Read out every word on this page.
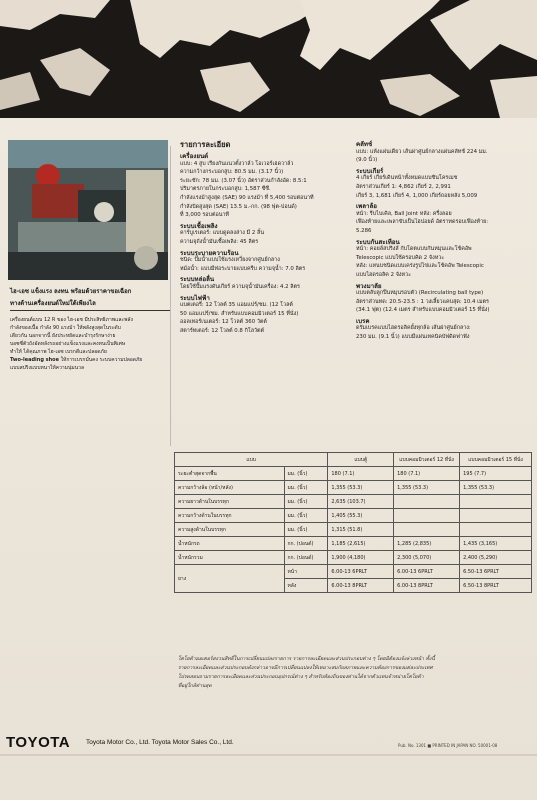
ไฮ-เอซ แข็งแรง ลงทน พร้อมด้วยราคาขอเฉือก
ทางด้านเครื่องยนต์ใหม่ใด้เพียงไล
เครื่องยนต์แบบ 12 R ของ ไฮ-เอช มีประสิทธิภาพและพลัง
กำลังของเนื้อ กำลัง 90 แรงม้า ให้พลังสูงสุดในระดับ
เดียวกัน นอกจากนี้ ยังประหยัดและบำรุงรักษาง่าย
บอซซี่ตัวถังอัดหลังรถอย่างแข็งแรงและคงทนเป็นพิเศษ
ทำให้ ได้คุณภาพ ไฮ-เอซ เบรกดีและปลอดภัย
Two-leading shoe ให้การเบรกมั่นคง ระบบความปลอดภัย
แบบสปริงแบบหนาให้ความนุ่มนวล
รายการละเอียด
เครื่องยนต์

แบบ: 4 สูบ เรียงกันแนวตั้งวาล์ว โอเวอร์เฮดวาล์ว

ความกว้างกระบอกสูบ: 80.5 มม. (3.17 นิ้ว)

ระยะชัก: 78 มม. (3.07 นิ้ว) อัตราส่วนกำลังอัด: 8.5:1

ปริมาตรภายในกระบอกสูบ: 1,587 ซีซี.

กำลังแรงม้าสูงสุด (SAE) 90 แรงม้า ที่ 5,400 รอบต่อนาที

กำลังบิดสูงสุด (SAE) 13.5 ม.-กก. (98 ฟุต-ปอนด์)

ที่ 3,000 รอบต่อนาที

ระบบเชื้อเพลิง

คาร์บูเรเตอร์: แบบดูดลงล่าง มี 2 ลิ้น

ความจุถังน้ำมันเชื้อเพลิง: 45 ลิตร

ระบบระบายความร้อน

ชนิด: ปั๊มน้ำแบบใช้แรงเหวี่ยงจากศูนย์กลาง

หม้อน้ำ: แบบมีท่อระบายแบบครีบ ความจุน้ำ: 7.0 ลิตร

ระบบหล่อลื่น

โดยใช้ปั๊มแรงดันเกียร์ ความจุน้ำมันเครื่อง: 4.2 ลิตร

ระบบไฟฟ้า

แบตเตอรี่: 12 โวลต์ 35 แอมแปร์/ชม. (12 โวลต์

50 แอมแปร์/ชม. สำหรับแบบคอมมิวเตอร์ 15 ที่นั่ง)

ออลเทอร์เนเตอร์: 12 โวลต์ 360 วัตต์

สตาร์ทเตอร์: 12 โวลต์ 0.8 กิโลวัตต์

คลัทช์

แบบ: แห้งแผ่นเดียว เส้นผ่าศูนย์กลางแผ่นคลัทช์ 224 มม.

(9.0 นิ้ว)

ระบบเกียร์

4 เกียร์ เกียร์เดินหน้าทั้งหมดแบบซินโครเมช

อัตราส่วนเกียร์ 1: 4,862 เกียร์ 2, 2,991

เกียร์ 3, 1,681 เกียร์ 4, 1,000 เกียร์ถอยหลัง 5,009

เพลาล้อ

หน้า: รีบไบเคิล, Ball Joint หลัง: ครึ่งลอย

เฟืองท้ายและเพลาขับเป็นไฮปอยด์ อัตราทดรอบเฟืองท้าย:

5.286

ระบบกันสะเทือน

หน้า: คอยล์สปริงส์ กับโดตแบบกันหมุนและโช้คอัพ

Telescopic แบบใช้ครอบคิด 2 จังหวะ

หลัง: แหนบชนิดแบบเคร่งรูปไข่และโช้คอัพ Telescopic

แบบไฮดรอลิค 2 จังหวะ

พวงมาลัย

แบบตลับลูกปืนหมุนรอบตัว (Recirculating ball type)

อัตราส่วนทด: 20.5-23.5 : 1 วงเลี้ยวแคบสุด: 10.4 เมตร

(34.1 ฟุต) (12.4 เมตร สำหรับแบบคอมมิวเตอร์ 15 ที่นั่ง)

เบรค

ดรัมเบรคแบบไฮดรอลิคยั้งทุกล้อ เส้นผ่าศูนย์กลาง:

230 มม. (9.1 นิ้ว) แบบมีแผ่นเทคนิคบัฟดิดฟาฟัง

แบบ		แบบตู้	แบบคอมมิวเตอร์ 12 ที่นั่ง	แบบคอมมิวเตอร์ 15 ที่นั่ง
ระยะต่ำสุดจากพื้น	มม. (นิ้ว)	180 (7.1)	180 (7.1)	195 (7.7)
ความกว้างล้อ (หน้า/หลัง)	มม. (นิ้ว)	1,355 (53.3)	1,355 (53.3)	1,355 (53.3)
ความยาวด้านในบรรทุก	มม. (นิ้ว)	2,635 (103.7)		
ความกว้างด้านในบรรทุก	มม. (นิ้ว)	1,405 (55.3)		
ความสูงด้านในบรรทุก	มม. (นิ้ว)	1,315 (51.8)		
น้ำหนักรถ	กก. (ปอนด์)	1,185 (2,615)	1,285 (2,835)	1,435 (3,165)
น้ำหนักรวม	กก. (ปอนด์)	1,900 (4,180)	2,300 (5,070)	2,400 (5,290)
ยาง	หน้า	6.00-13 6PRLT	6.00-13 6PRLT	6.50-13 6PRLT
	หลัง	6.00-13 8PRLT	6.00-13 8PRLT	6.50-13 8PRLT
โตโยต้ามอเตอร์สงวนสิทธิ์ในการเปลี่ยนแปลงรายการ รายการละเอียดและส่วนประกอบต่าง ๆ โดยมิต้องแจ้งล่วงหน้า ทั้งนี้
รายการละเอียดและส่วนประกอบดังกล่าวอาจมีการเปลี่ยนแปลงให้เหมาะสมกับสภาพและความต้องการของแต่ละประเทศ
โปรดสอบถามรายการละเอียดและส่วนประกอบอุปกรณ์ต่าง ๆ สำหรับท้องถิ่นของท่านได้จากตัวแทนจำหน่ายโตโยต้า
ที่อยู่ใกล้ท่านสุด
TOYOTA Toyota Motor Co., Ltd. Toyota Motor Sales Co., Ltd.	Pub. No. 1301 ■ PRINTED IN JAPAN NO. 50001-08
